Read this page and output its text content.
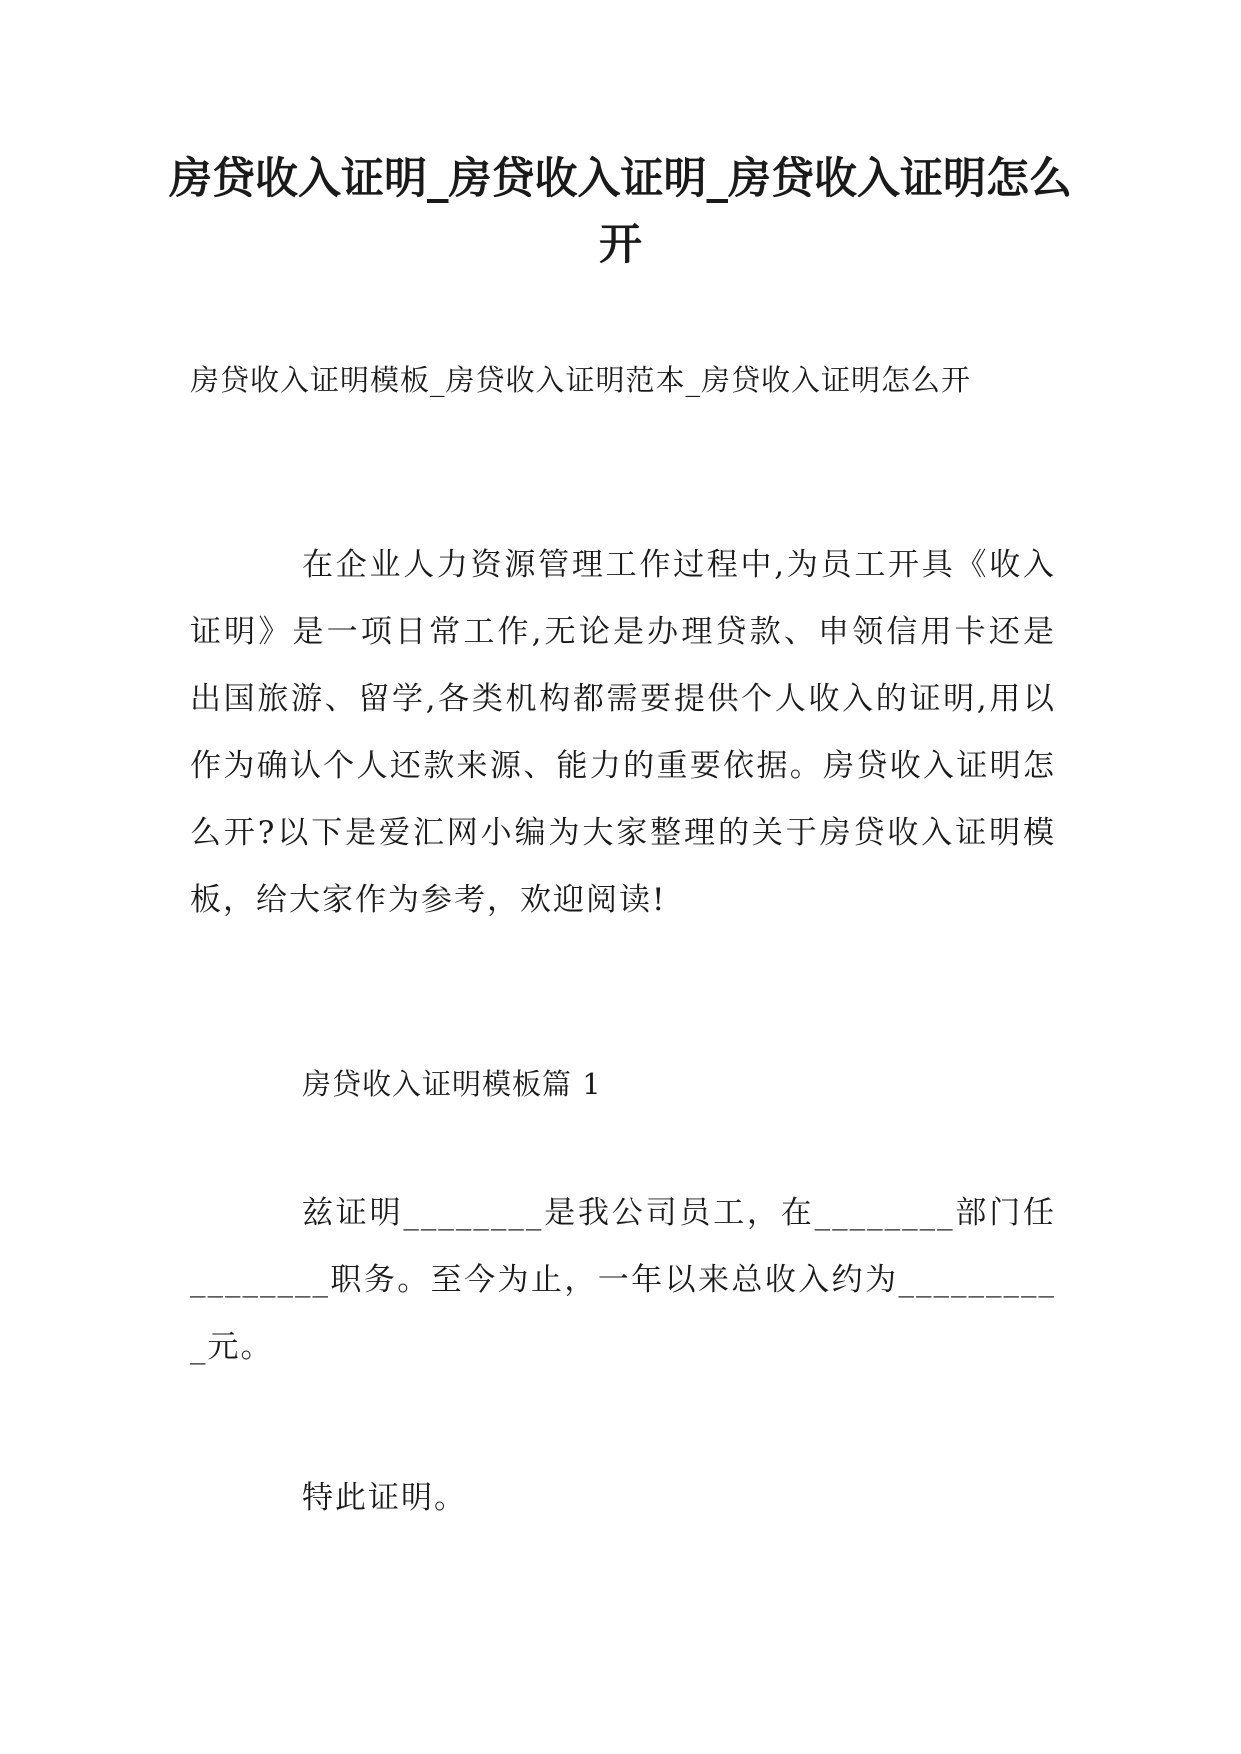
房贷收入证明_房贷收入证明_房贷收入证明怎么开

房贷收入证明模板_房贷收入证明范本_房贷收入证明怎么开

在企业人力资源管理工作过程中,为员工开具《收入证明》是一项日常工作,无论是办理贷款、申领信用卡还是出国旅游、留学,各类机构都需要提供个人收入的证明,用以作为确认个人还款来源、能力的重要依据。房贷收入证明怎么开?以下是爱汇网小编为大家整理的关于房贷收入证明模板，给大家作为参考，欢迎阅读!

房贷收入证明模板篇 1

兹证明________是我公司员工，在________部门任________职务。至今为止，一年以来总收入约为__________元。

特此证明。
